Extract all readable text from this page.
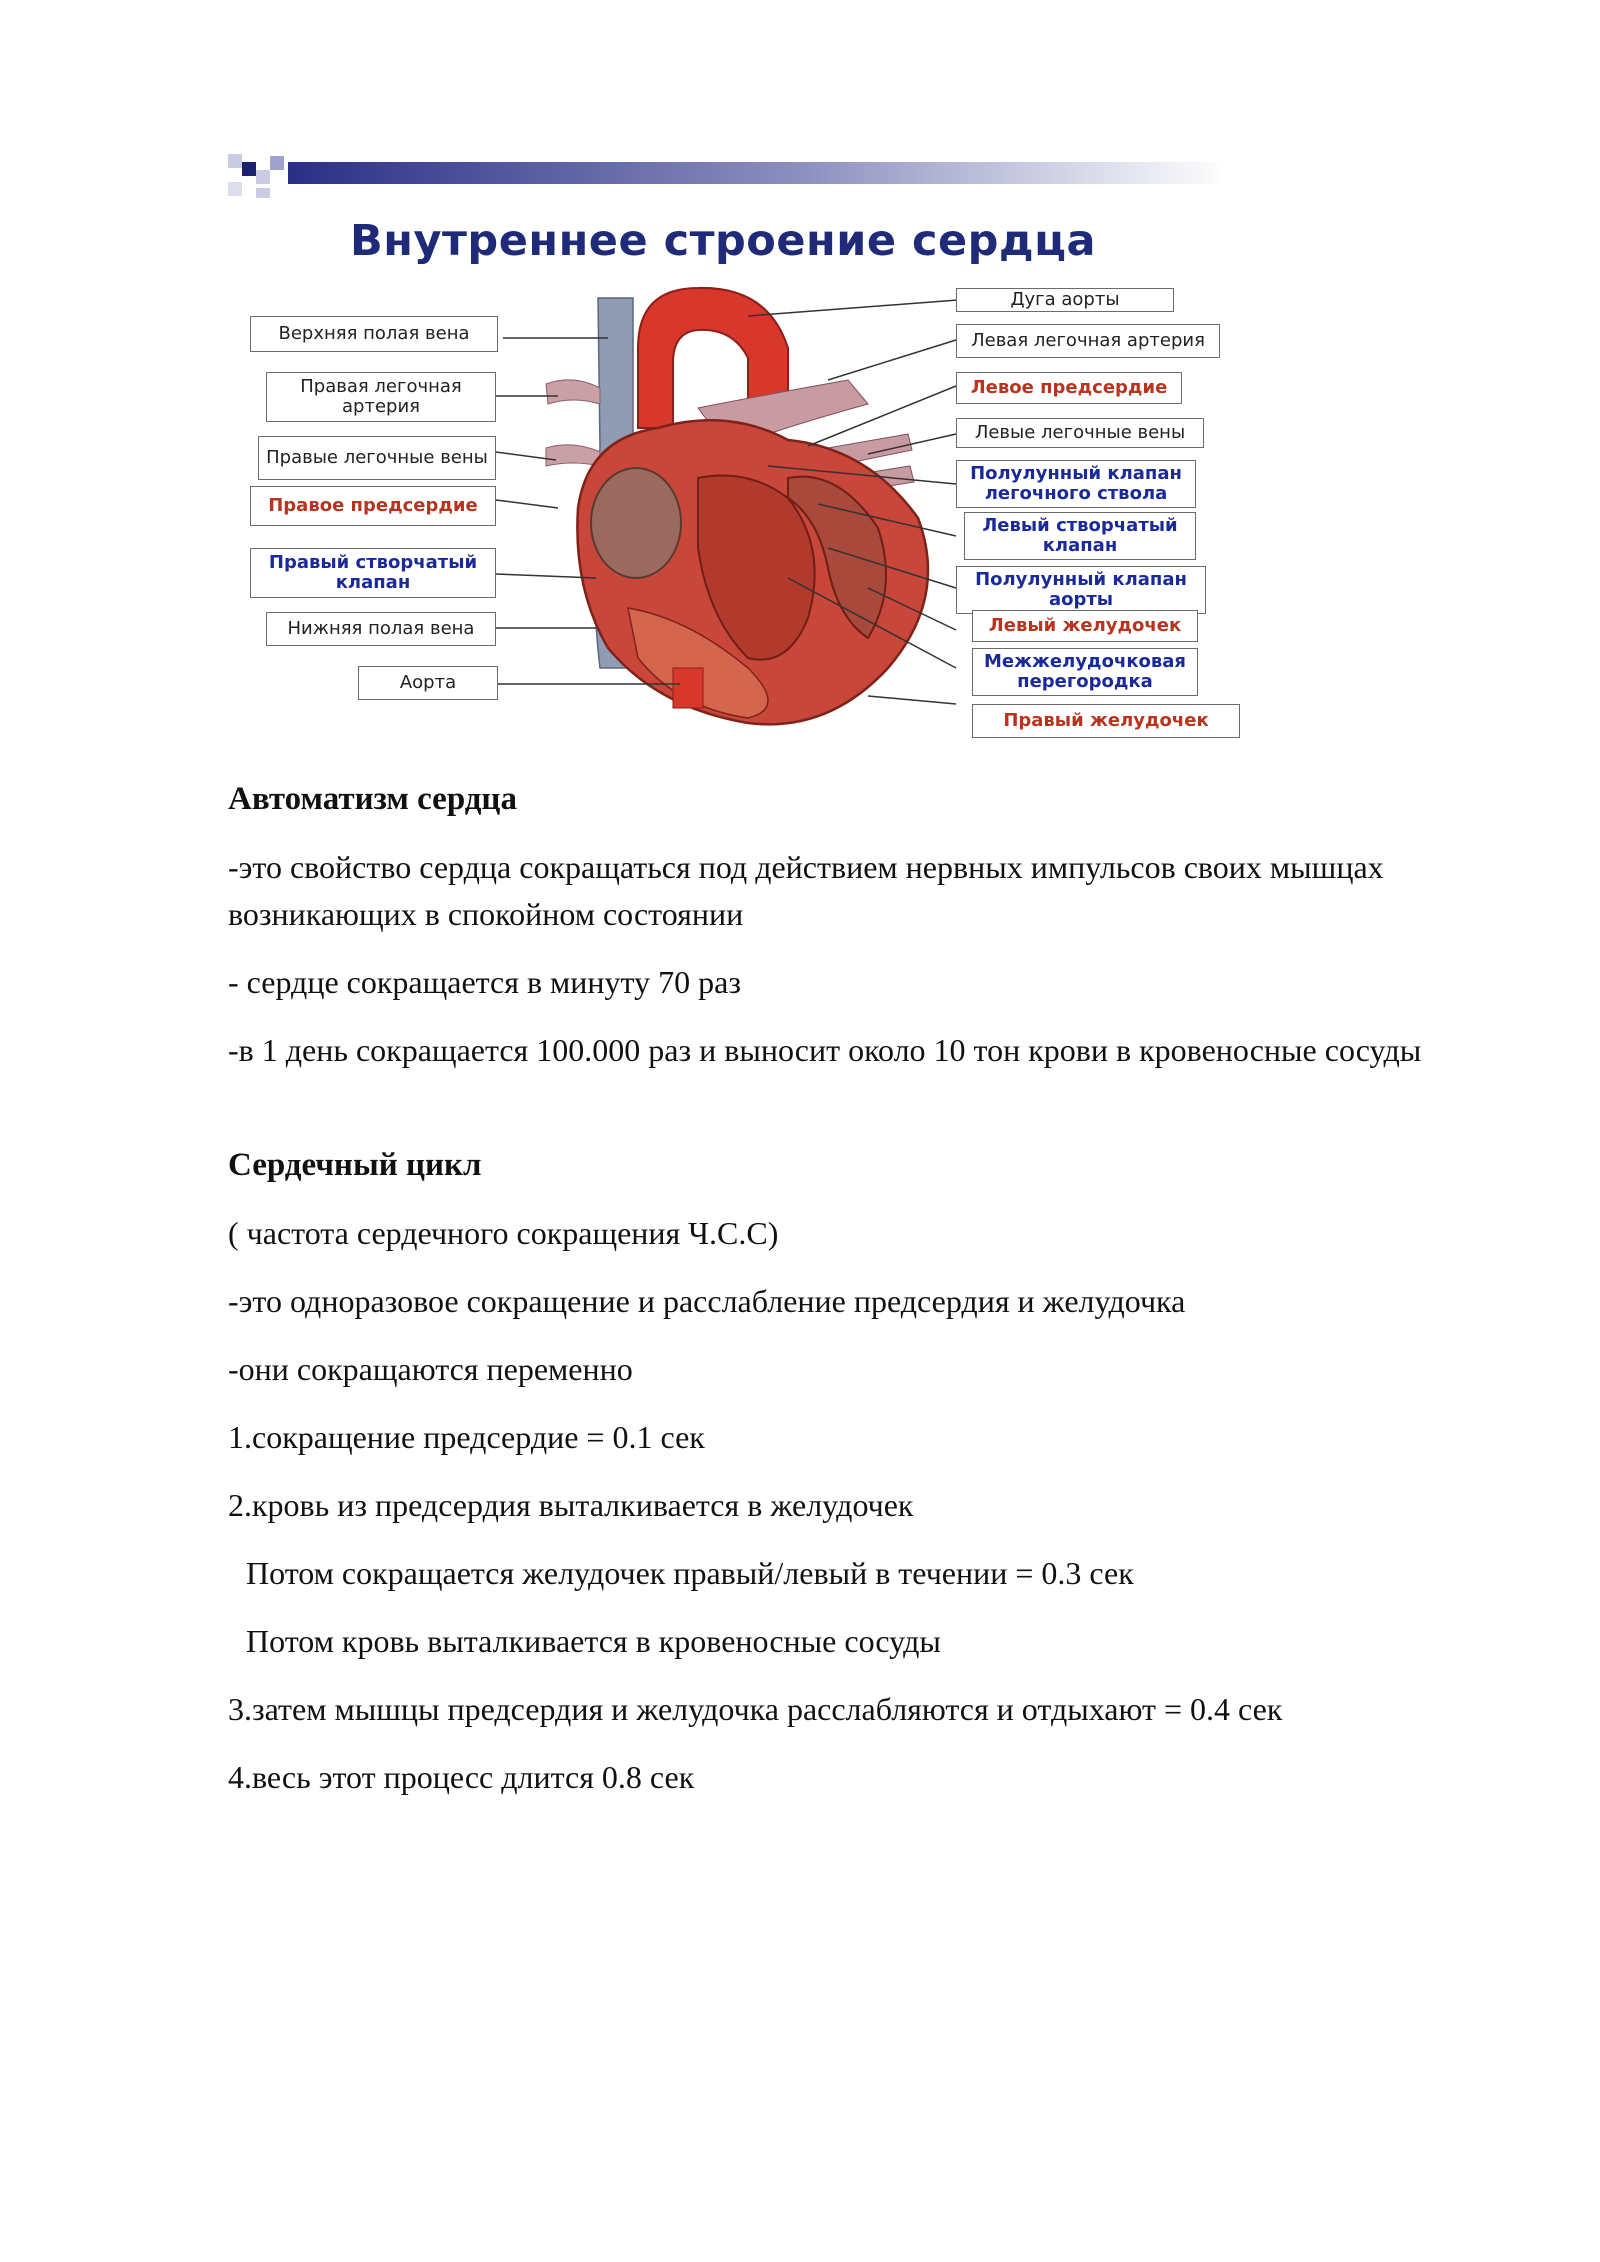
Внутреннее строение сердца
Верхняя полая вена
Правая легочная артерия
Правые легочные вены
Правое предсердие
Правый створчатый клапан
Нижняя полая вена
Аорта
Дуга аорты
Левая легочная артерия
Левое предсердие
Левые легочные вены
Полулунный клапан легочного ствола
Левый створчатый клапан
Полулунный клапан аорты
Левый желудочек
Межжелудочковая перегородка
Правый желудочек
Автоматизм сердца

-это свойство сердца сокращаться под действием нервных импульсов своих мышцах возникающих в спокойном состоянии

- сердце сокращается в минуту 70 раз

-в 1 день сокращается 100.000 раз и выносит около 10 тон крови в кровеносные сосуды

Сердечный цикл

( частота сердечного сокращения Ч.С.С)

-это одноразовое сокращение и расслабление предсердия и желудочка

-они сокращаются переменно

1.сокращение предсердие = 0.1 сек

2.кровь из предсердия выталкивается в желудочек

Потом сокращается желудочек правый/левый в течении = 0.3 сек

Потом кровь выталкивается в кровеносные сосуды

3.затем мышцы предсердия и желудочка расслабляются и отдыхают = 0.4 сек

4.весь этот процесс длится 0.8 сек
